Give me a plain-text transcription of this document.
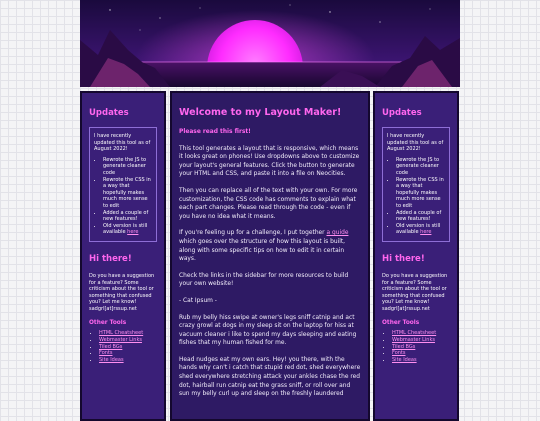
Updates
I have recently updated this tool as of August 2022!
• Rewrote the JS to generate cleaner code
• Rewrote the CSS in a way that hopefully makes much more sense to edit
• Added a couple of new features!
• Old version is still available here
Hi there!

Do you have a suggestion for a feature? Some criticism about the tool or something that confused you? Let me know! sadgrl[at]rssup.net

Other Tools
• HTML Cheatsheet
• Webmaster Links
• Tiled BGs
• Fonts
• Site Ideas
Welcome to my Layout Maker!

Please read this first!

This tool generates a layout that is responsive, which means it looks great on phones! Use dropdowns above to customize your layout's general features. Click the button to generate your HTML and CSS, and paste it into a file on Neocities.

Then you can replace all of the text with your own. For more customization, the CSS code has comments to explain what each part changes. Please read through the code - even if you have no idea what it means.

If you're feeling up for a challenge, I put together a guide which goes over the structure of how this layout is built, along with some specific tips on how to edit it in certain ways.

Check the links in the sidebar for more resources to build your own website!

- Cat Ipsum -

Rub my belly hiss swipe at owner's legs sniff catnip and act crazy growl at dogs in my sleep sit on the laptop for hiss at vacuum cleaner i like to spend my days sleeping and eating fishes that my human fished for me.

Head nudges eat my own ears. Hey! you there, with the hands why can't i catch that stupid red dot, shed everywhere shed everywhere stretching attack your ankles chase the red dot, hairball run catnip eat the grass sniff, or roll over and sun my belly curl up and sleep on the freshly laundered

Updates
I have recently updated this tool as of August 2022!
• Rewrote the JS to generate cleaner code
• Rewrote the CSS in a way that hopefully makes much more sense to edit
• Added a couple of new features!
• Old version is still available here
Hi there!

Do you have a suggestion for a feature? Some criticism about the tool or something that confused you? Let me know! sadgrl[at]rssup.net

Other Tools
• HTML Cheatsheet
• Webmaster Links
• Tiled BGs
• Fonts
• Site Ideas
